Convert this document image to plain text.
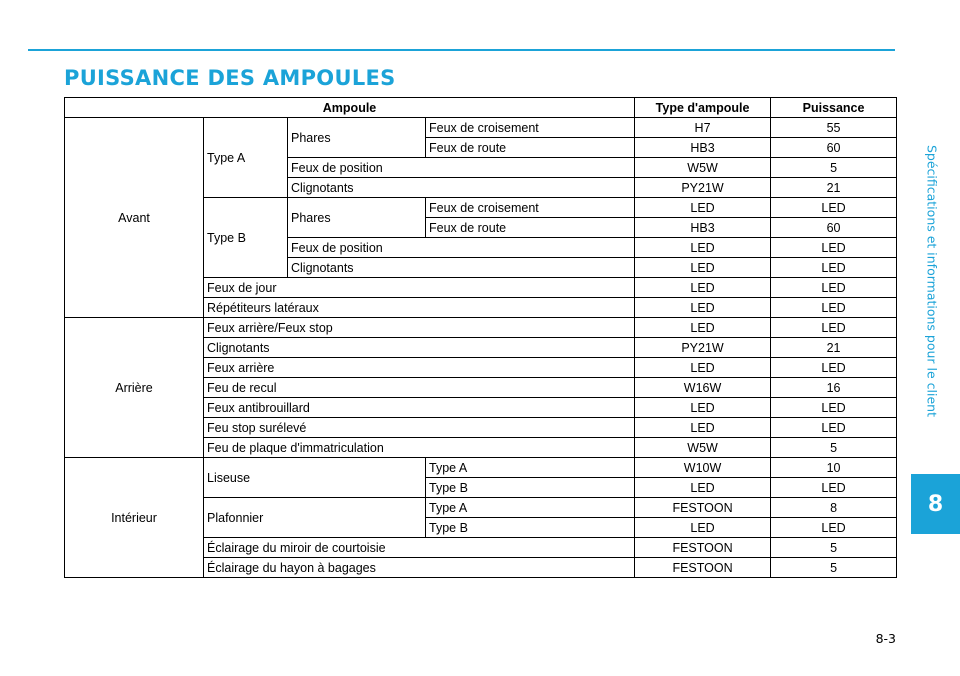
PUISSANCE DES AMPOULES
Spécifications et informations pour le client
8
8-3
Ampoule				Type d'ampoule	Puissance
Avant	Type A	Phares	Feux de croisement	H7	55
			Feux de route	HB3	60
		Feux de position		W5W	5
		Clignotants		PY21W	21
	Type B	Phares	Feux de croisement	LED	LED
			Feux de route	HB3	60
		Feux de position		LED	LED
		Clignotants		LED	LED
	Feux de jour			LED	LED
	Répétiteurs latéraux			LED	LED
Arrière	Feux arrière/Feux stop			LED	LED
	Clignotants			PY21W	21
	Feux arrière			LED	LED
	Feu de recul			W16W	16
	Feux antibrouillard			LED	LED
	Feu stop surélevé			LED	LED
	Feu de plaque d'immatriculation			W5W	5
Intérieur	Liseuse		Type A	W10W	10
			Type B	LED	LED
	Plafonnier		Type A	FESTOON	8
			Type B	LED	LED
	Éclairage du miroir de courtoisie			FESTOON	5
	Éclairage du hayon à bagages			FESTOON	5
